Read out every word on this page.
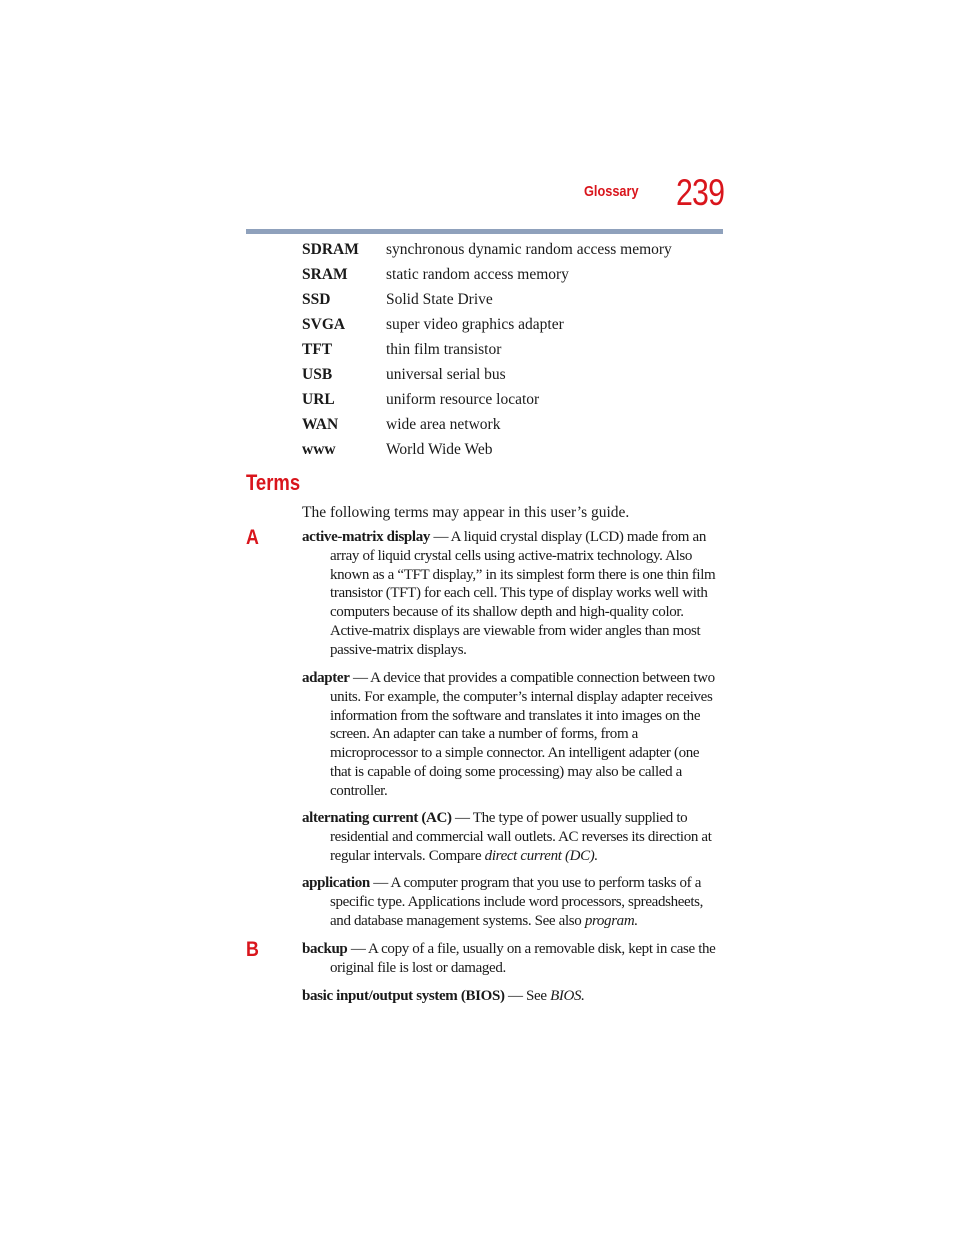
Glossary 239
SDRAM synchronous dynamic random access memory
SRAM static random access memory
SSD	Solid State Drive
SVGA	super video graphics adapter
TFT	thin film transistor
USB	universal serial bus
URL	uniform resource locator
WAN	wide area network
www	World Wide Web
Terms
The following terms may appear in this user’s guide.
A	active-matrix display — A liquid crystal display (LCD) made from an
array of liquid crystal cells using active-matrix technology. Also
known as a “TFT display,” in its simplest form there is one thin film
transistor (TFT) for each cell. This type of display works well with
computers because of its shallow depth and high-quality color.
Active-matrix displays are viewable from wider angles than most
passive-matrix displays.
adapter — A device that provides a compatible connection between two
units. For example, the computer’s internal display adapter receives
information from the software and translates it into images on the
screen. An adapter can take a number of forms, from a
microprocessor to a simple connector. An intelligent adapter (one
that is capable of doing some processing) may also be called a
controller.
alternating current (AC) — The type of power usually supplied to
residential and commercial wall outlets. AC reverses its direction at
regular intervals. Compare direct current (DC).
application — A computer program that you use to perform tasks of a
specific type. Applications include word processors, spreadsheets,
and database management systems. See also program.
B	backup — A copy of a file, usually on a removable disk, kept in case the
original file is lost or damaged.
basic input/output system (BIOS) — See BIOS.
